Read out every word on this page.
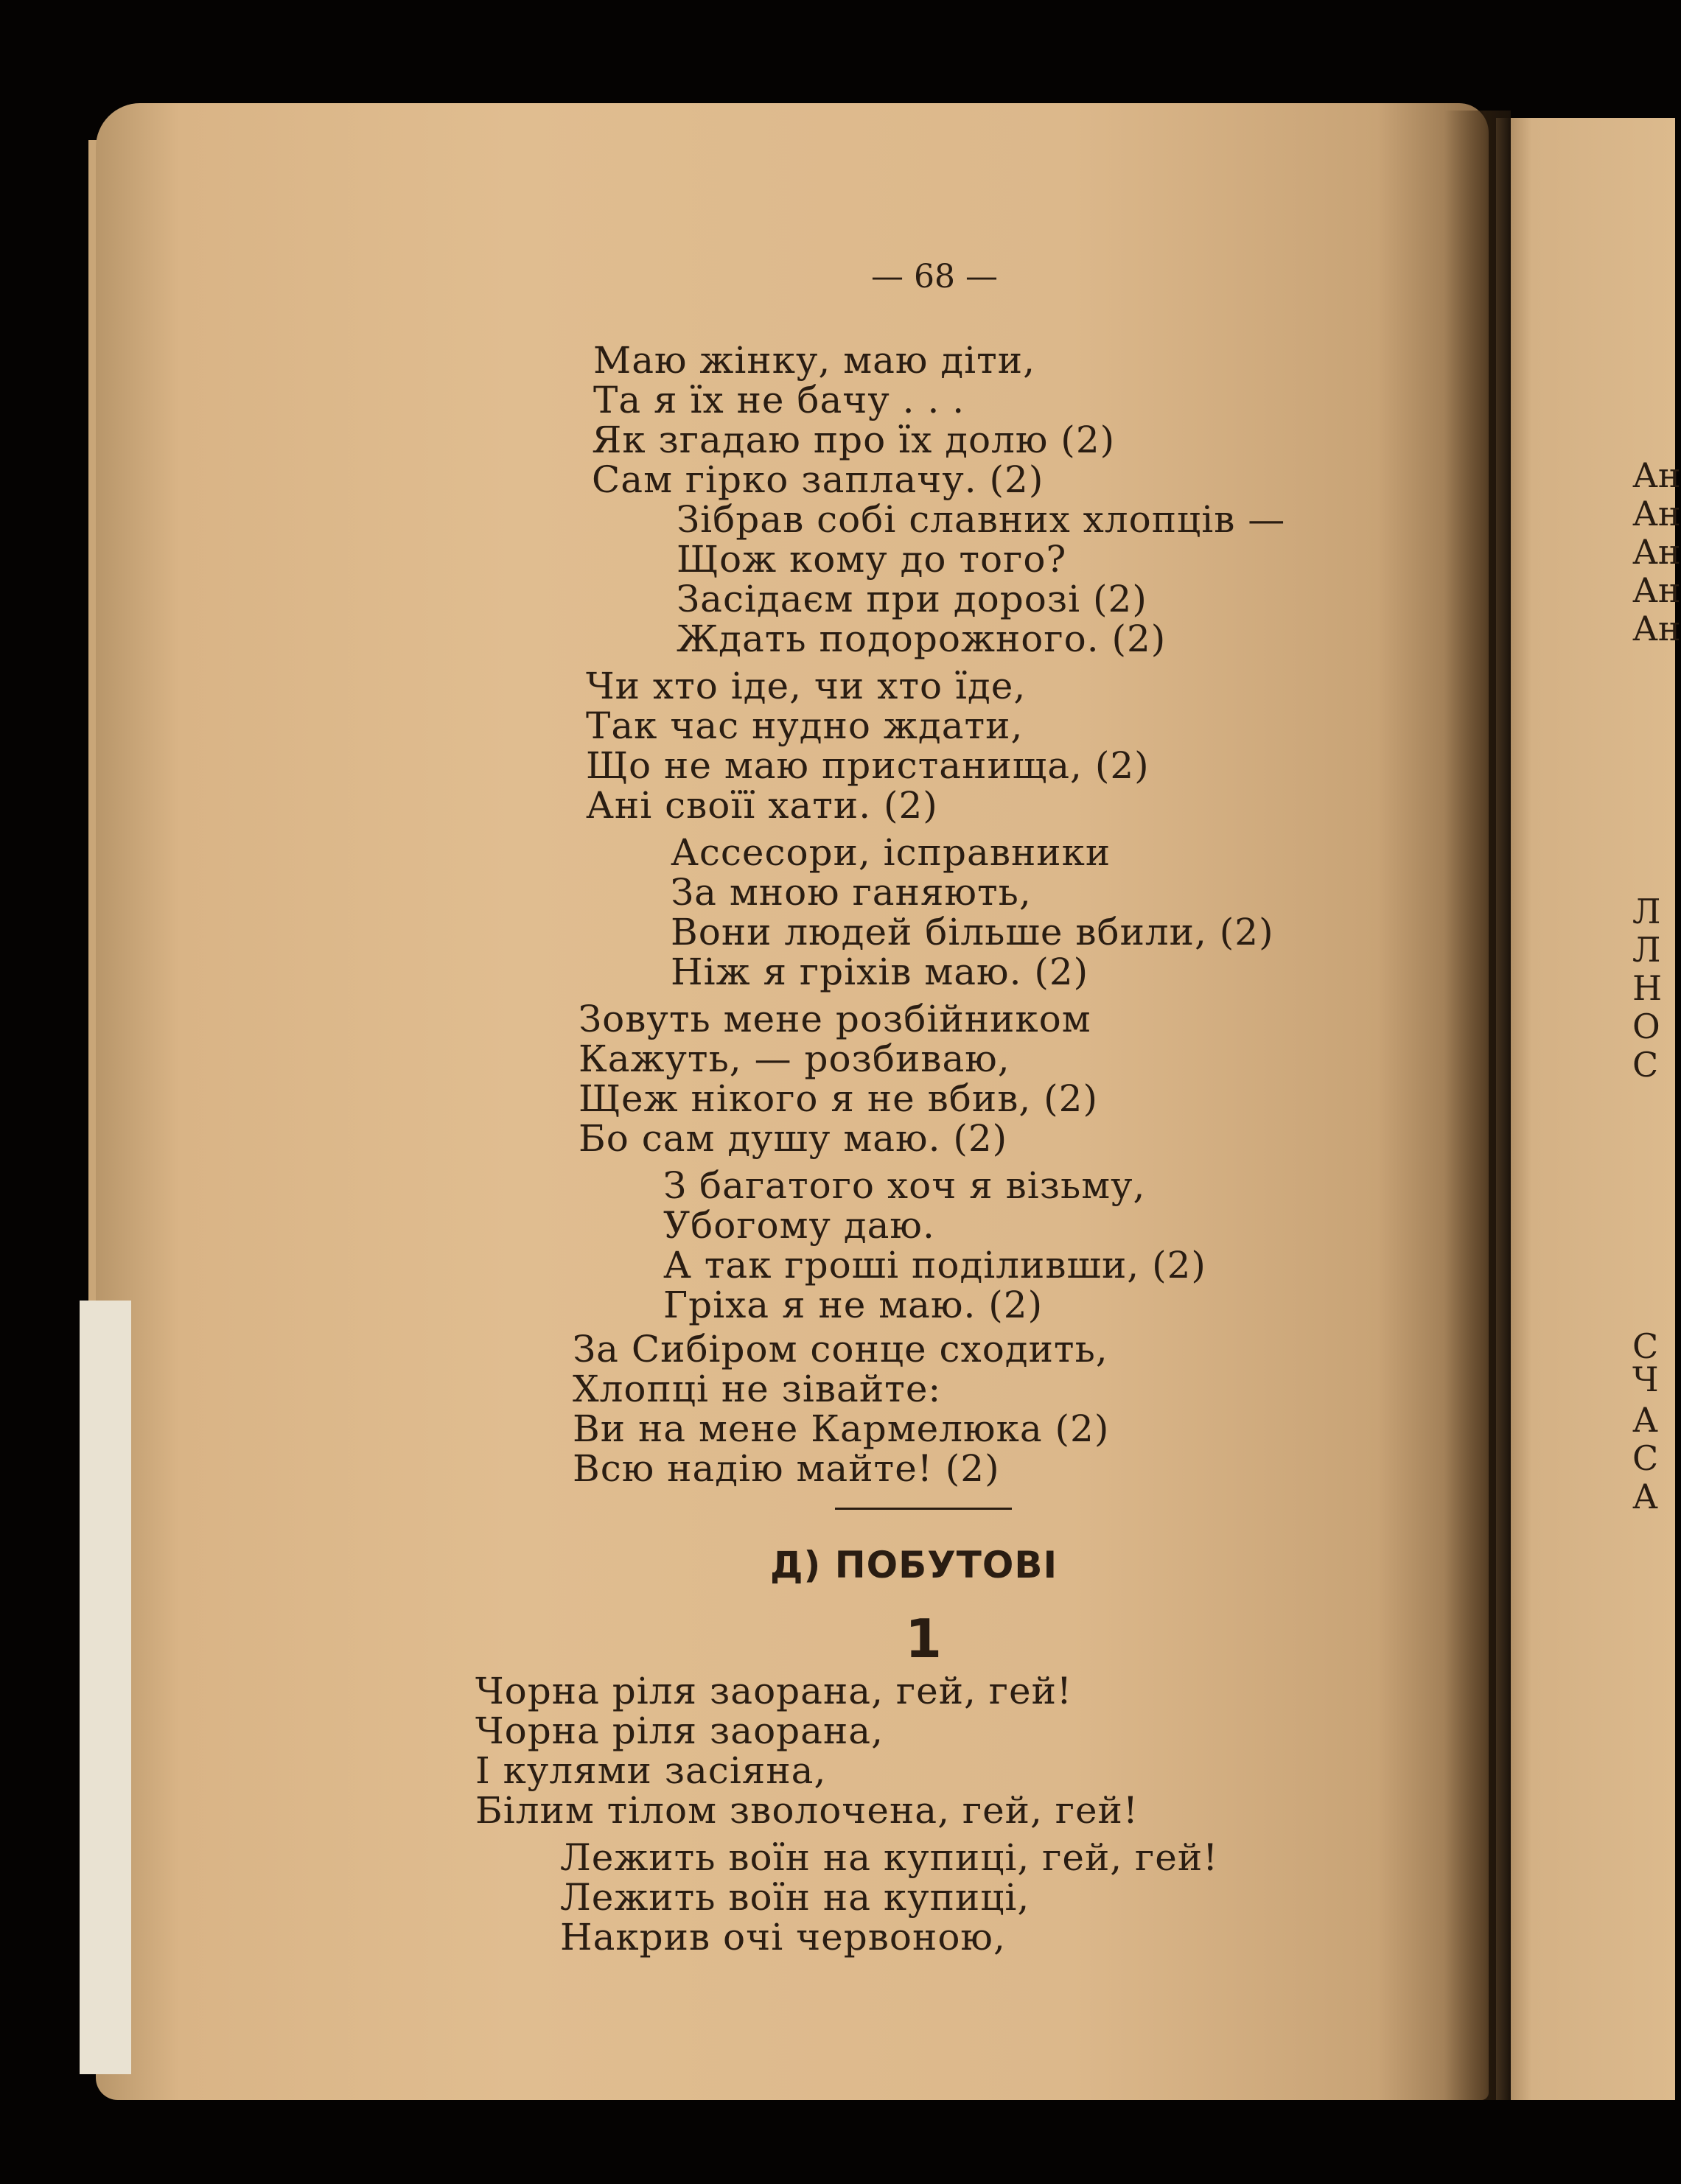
— 68 —
Маю жінку, маю діти,
Та я їх не бачу . . .
Як згадаю про їх долю (2)
Сам гірко заплачу. (2)
Зібрав собі славних хлопців —
Щож кому до того?
Засідаєм при дорозі (2)
Ждать подорожного. (2)
Чи хто іде, чи хто їде,
Так час нудно ждати,
Що не маю пристанища, (2)
Ані своїї хати. (2)
Ассесори, ісправники
За мною ганяють,
Вони людей більше вбили, (2)
Ніж я гріхів маю. (2)
Зовуть мене розбійником
Кажуть, — розбиваю,
Щеж нікого я не вбив, (2)
Бо сам душу маю. (2)
З багатого хоч я візьму,
Убогому даю.
А так гроші поділивши, (2)
Гріха я не маю. (2)
За Сибіром сонце сходить,
Хлопці не зівайте:
Ви на мене Кармелюка (2)
Всю надію майте! (2)
Д) ПОБУТОВІ
1
Чорна ріля заорана, гей, гей!
Чорна ріля заорана,
І кулями засіяна,
Білим тілом зволочена, гей, гей!
Лежить воїн на купиці, гей, гей!
Лежить воїн на купиці,
Накрив очі червоною,
Ан
Ан
Ан
Ан
Ан
Л
Л
Н
О
С
С
Ч
А
С
А
